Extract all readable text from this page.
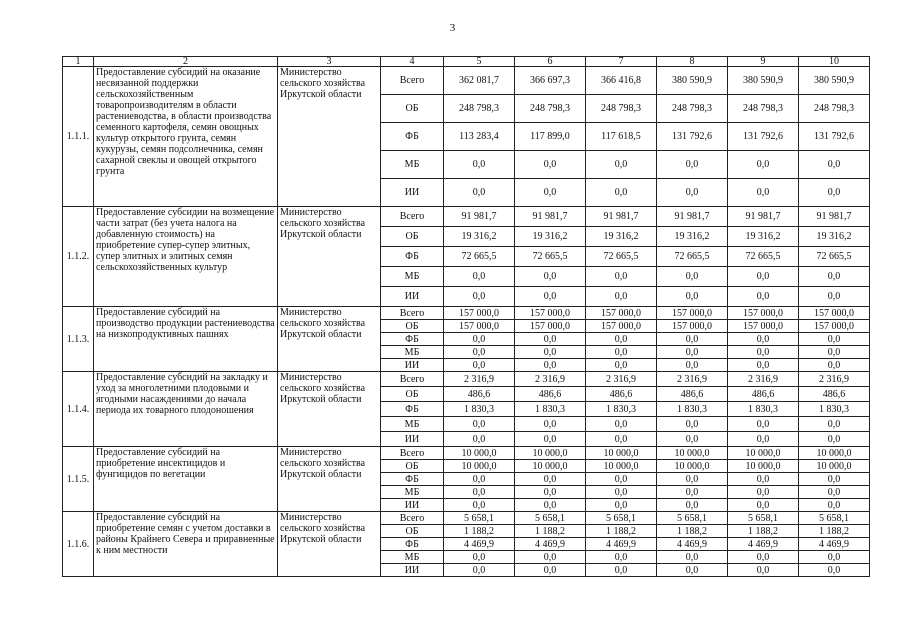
3
1	2	3	4	5	6	7	8	9	10
1.1.1.	Предоставление субсидий на оказание несвязанной поддержки сельскохозяйственным товаропроизводителям в области растениеводства, в области производства семенного картофеля, семян овощных культур открытого грунта, семян кукурузы, семян подсолнечника, семян сахарной свеклы и овощей открытого грунта	Министерство сельского хозяйства Иркутской области	Всего	362 081,7	366 697,3	366 416,8	380 590,9	380 590,9	380 590,9
			ОБ	248 798,3	248 798,3	248 798,3	248 798,3	248 798,3	248 798,3
			ФБ	113 283,4	117 899,0	117 618,5	131 792,6	131 792,6	131 792,6
			МБ	0,0	0,0	0,0	0,0	0,0	0,0
			ИИ	0,0	0,0	0,0	0,0	0,0	0,0
1.1.2.	Предоставление субсидии на возмещение части затрат (без учета налога на добавленную стоимость) на приобретение супер-супер элитных, супер элитных и элитных семян сельскохозяйственных культур	Министерство сельского хозяйства Иркутской области	Всего	91 981,7	91 981,7	91 981,7	91 981,7	91 981,7	91 981,7
			ОБ	19 316,2	19 316,2	19 316,2	19 316,2	19 316,2	19 316,2
			ФБ	72 665,5	72 665,5	72 665,5	72 665,5	72 665,5	72 665,5
			МБ	0,0	0,0	0,0	0,0	0,0	0,0
			ИИ	0,0	0,0	0,0	0,0	0,0	0,0
1.1.3.	Предоставление субсидий на производство продукции растениеводства на низкопродуктивных пашнях	Министерство сельского хозяйства Иркутской области	Всего	157 000,0	157 000,0	157 000,0	157 000,0	157 000,0	157 000,0
			ОБ	157 000,0	157 000,0	157 000,0	157 000,0	157 000,0	157 000,0
			ФБ	0,0	0,0	0,0	0,0	0,0	0,0
			МБ	0,0	0,0	0,0	0,0	0,0	0,0
			ИИ	0,0	0,0	0,0	0,0	0,0	0,0
1.1.4.	Предоставление субсидий на закладку и уход за многолетними плодовыми и ягодными насаждениями до начала периода их товарного плодоношения	Министерство сельского хозяйства Иркутской области	Всего	2 316,9	2 316,9	2 316,9	2 316,9	2 316,9	2 316,9
			ОБ	486,6	486,6	486,6	486,6	486,6	486,6
			ФБ	1 830,3	1 830,3	1 830,3	1 830,3	1 830,3	1 830,3
			МБ	0,0	0,0	0,0	0,0	0,0	0,0
			ИИ	0,0	0,0	0,0	0,0	0,0	0,0
1.1.5.	Предоставление субсидий на приобретение инсектицидов и фунгицидов по вегетации	Министерство сельского хозяйства Иркутской области	Всего	10 000,0	10 000,0	10 000,0	10 000,0	10 000,0	10 000,0
			ОБ	10 000,0	10 000,0	10 000,0	10 000,0	10 000,0	10 000,0
			ФБ	0,0	0,0	0,0	0,0	0,0	0,0
			МБ	0,0	0,0	0,0	0,0	0,0	0,0
			ИИ	0,0	0,0	0,0	0,0	0,0	0,0
1.1.6.	Предоставление субсидий на приобретение семян с учетом доставки в районы Крайнего Севера и приравненные к ним местности	Министерство сельского хозяйства Иркутской области	Всего	5 658,1	5 658,1	5 658,1	5 658,1	5 658,1	5 658,1
			ОБ	1 188,2	1 188,2	1 188,2	1 188,2	1 188,2	1 188,2
			ФБ	4 469,9	4 469,9	4 469,9	4 469,9	4 469,9	4 469,9
			МБ	0,0	0,0	0,0	0,0	0,0	0,0
			ИИ	0,0	0,0	0,0	0,0	0,0	0,0
